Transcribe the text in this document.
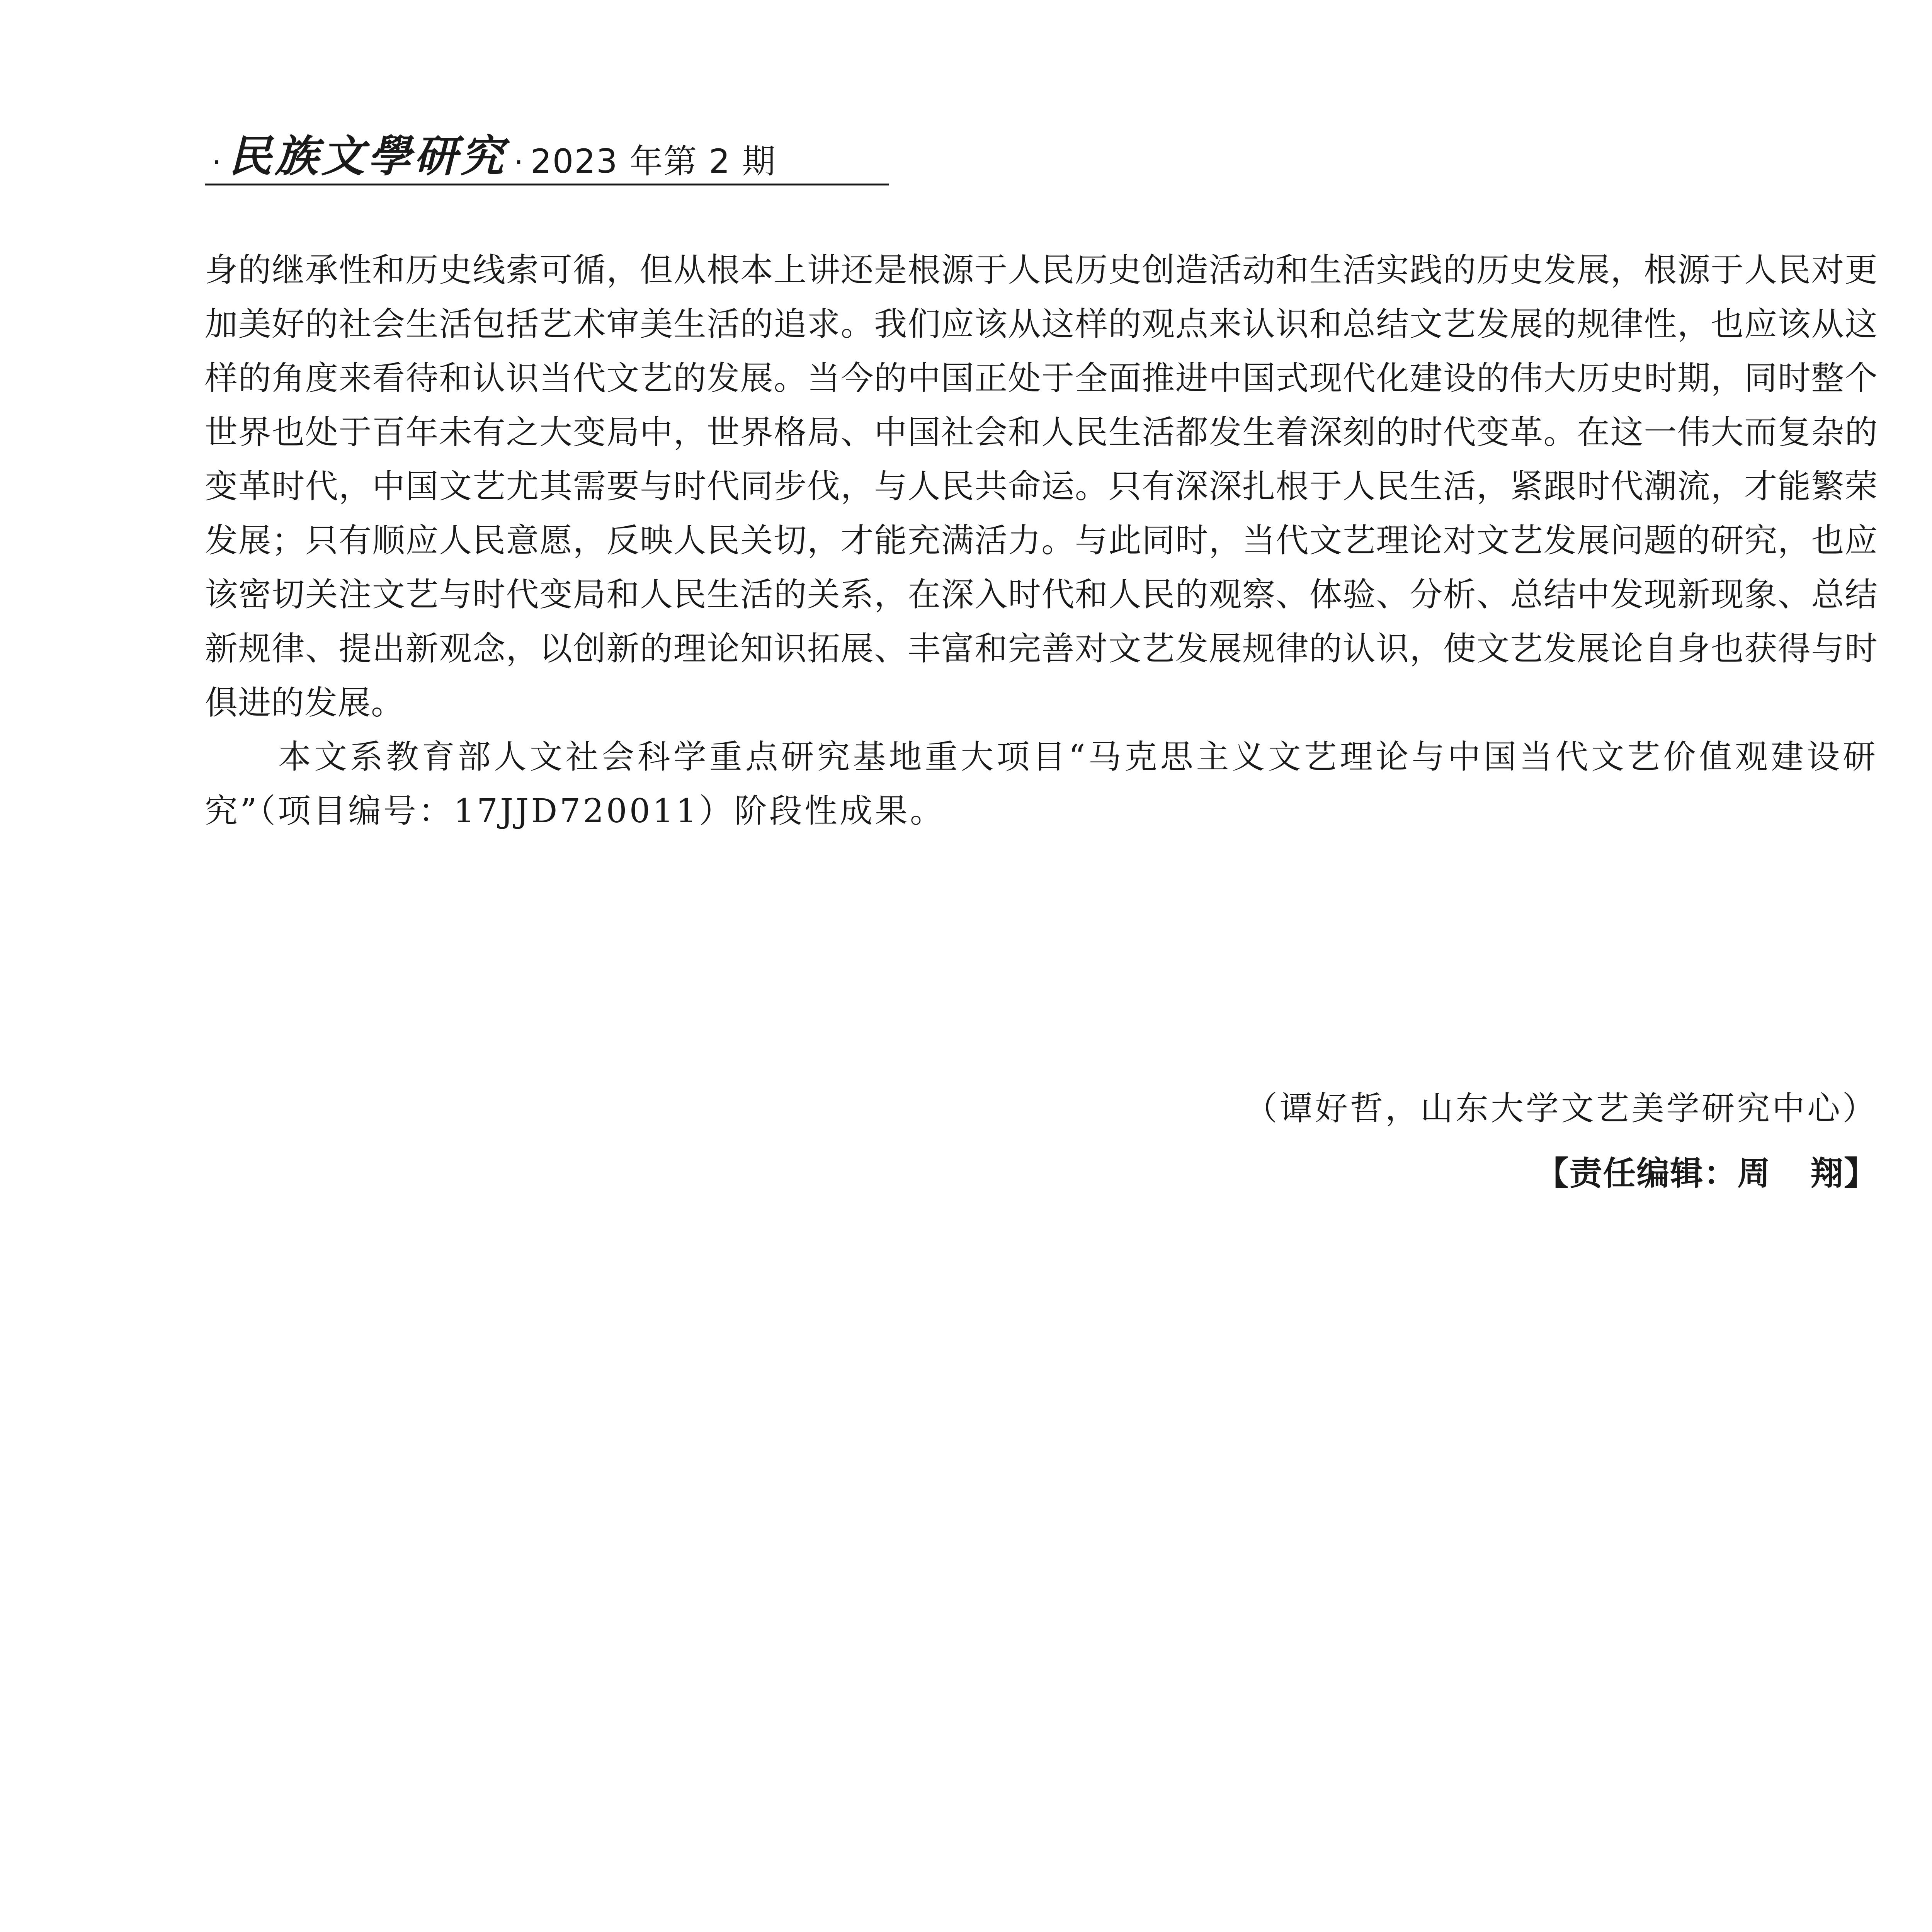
· 民族文學研究 · 2023 年第 2 期

身的继承性和历史线索可循，但从根本上讲还是根源于人民历史创造活动和生活实践的历史发展，根源于人民对更加美好的社会生活包括艺术审美生活的追求。我们应该从这样的观点来认识和总结文艺发展的规律性，也应该从这样的角度来看待和认识当代文艺的发展。当今的中国正处于全面推进中国式现代化建设的伟大历史时期，同时整个世界也处于百年未有之大变局中，世界格局、中国社会和人民生活都发生着深刻的时代变革。在这一伟大而复杂的变革时代，中国文艺尤其需要与时代同步伐，与人民共命运。只有深深扎根于人民生活，紧跟时代潮流，才能繁荣发展；只有顺应人民意愿，反映人民关切，才能充满活力。与此同时，当代文艺理论对文艺发展问题的研究，也应该密切关注文艺与时代变局和人民生活的关系，在深入时代和人民的观察、体验、分析、总结中发现新现象、总结新规律、提出新观念，以创新的理论知识拓展、丰富和完善对文艺发展规律的认识，使文艺发展论自身也获得与时俱进的发展。

本文系教育部人文社会科学重点研究基地重大项目“马克思主义文艺理论与中国当代文艺价值观建设研究”（项目编号：17JJD720011）阶段性成果。

（谭好哲，山东大学文艺美学研究中心）
【责任编辑：周 翔】
